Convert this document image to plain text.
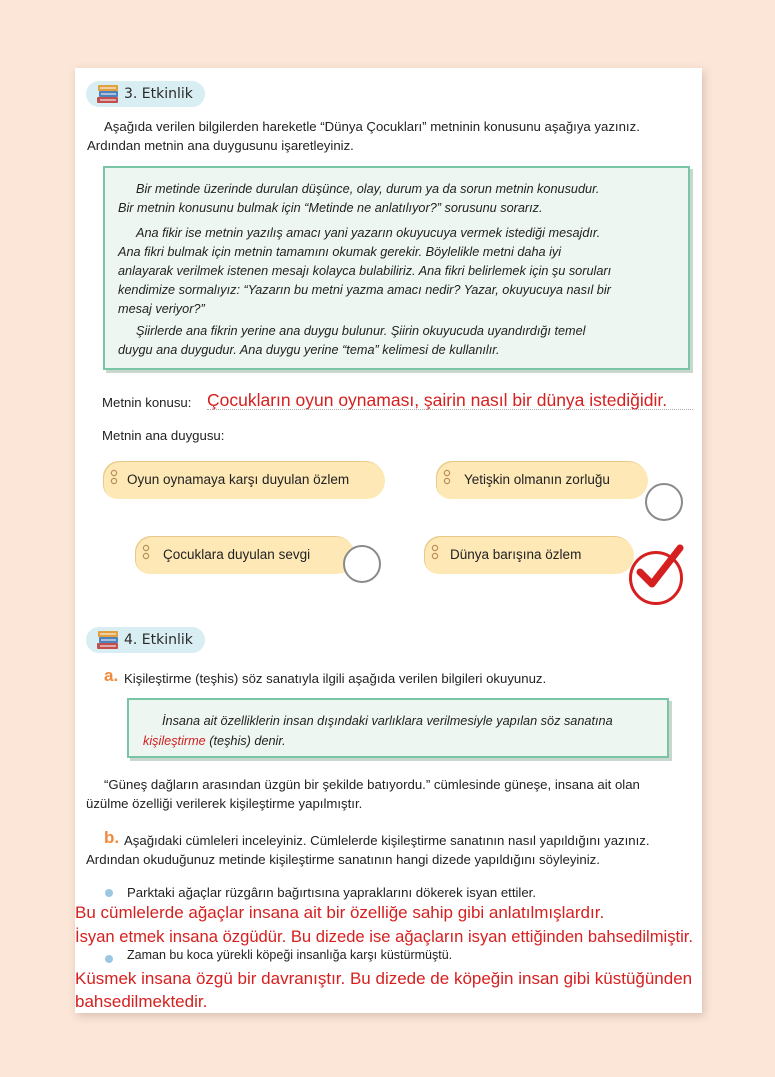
3. Etkinlik
Aşağıda verilen bilgilerden hareketle “Dünya Çocukları” metninin konusunu aşağıya yazınız.
Ardından metnin ana duygusunu işaretleyiniz.
Bir metinde üzerinde durulan düşünce, olay, durum ya da sorun metnin konusudur.
Bir metnin konusunu bulmak için “Metinde ne anlatılıyor?” sorusunu sorarız.
Ana fikir ise metnin yazılış amacı yani yazarın okuyucuya vermek istediği mesajdır.
Ana fikri bulmak için metnin tamamını okumak gerekir. Böylelikle metni daha iyi
anlayarak verilmek istenen mesajı kolayca bulabiliriz. Ana fikri belirlemek için şu soruları
kendimize sormalıyız: “Yazarın bu metni yazma amacı nedir? Yazar, okuyucuya nasıl bir
mesaj veriyor?”
Şiirlerde ana fikrin yerine ana duygu bulunur. Şiirin okuyucuda uyandırdığı temel
duygu ana duygudur. Ana duygu yerine “tema” kelimesi de kullanılır.
Metnin konusu: Çocukların oyun oynaması, şairin nasıl bir dünya istediğidir.
Metnin ana duygusu:
Oyun oynamaya karşı duyulan özlem	Yetişkin olmanın zorluğu
Çocuklara duyulan sevgi	Dünya barışına özlem
4. Etkinlik
a. Kişileştirme (teşhis) söz sanatıyla ilgili aşağıda verilen bilgileri okuyunuz.
İnsana ait özelliklerin insan dışındaki varlıklara verilmesiyle yapılan söz sanatına
kişileştirme (teşhis) denir.
“Güneş dağların arasından üzgün bir şekilde batıyordu.” cümlesinde güneşe, insana ait olan
üzülme özelliği verilerek kişileştirme yapılmıştır.
b. Aşağıdaki cümleleri inceleyiniz. Cümlelerde kişileştirme sanatının nasıl yapıldığını yazınız.
Ardından okuduğunuz metinde kişileştirme sanatının hangi dizede yapıldığını söyleyiniz.
Parktaki ağaçlar rüzgârın bağırtısına yapraklarını dökerek isyan ettiler.
Bu cümlelerde ağaçlar insana ait bir özelliğe sahip gibi anlatılmışlardır.
İsyan etmek insana özgüdür. Bu dizede ise ağaçların isyan ettiğinden bahsedilmiştir.
Zaman bu koca yürekli köpeği insanlığa karşı küstürmüştü.
Küsmek insana özgü bir davranıştır. Bu dizede de köpeğin insan gibi küstüğünden
bahsedilmektedir.
